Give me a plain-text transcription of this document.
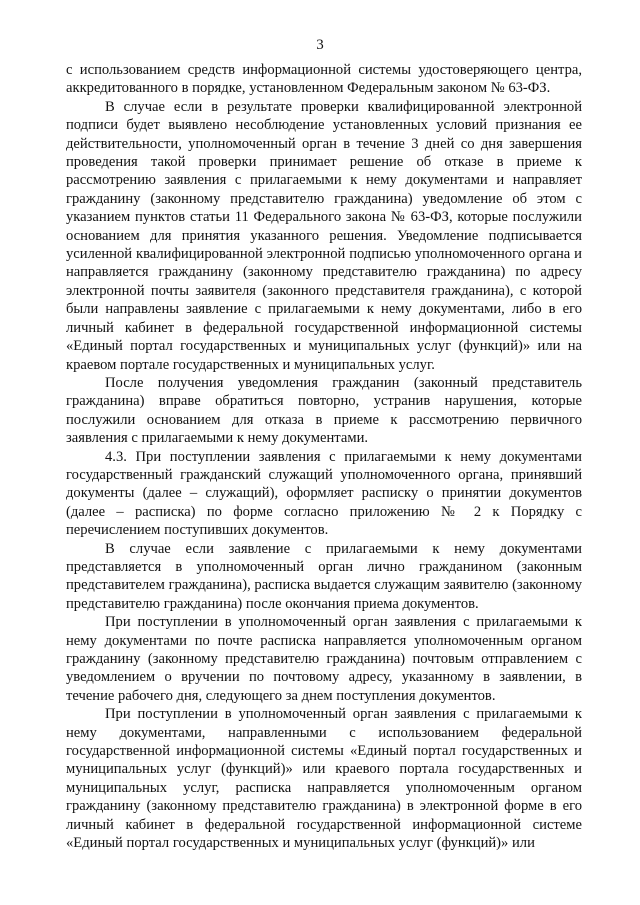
3

с использованием средств информационной системы удостоверяющего центра, аккредитованного в порядке, установленном Федеральным законом № 63-ФЗ.

В случае если в результате проверки квалифицированной электронной подписи будет выявлено несоблюдение установленных условий признания ее действительности, уполномоченный орган в течение 3 дней со дня завершения проведения такой проверки принимает решение об отказе в приеме к рассмотрению заявления с прилагаемыми к нему документами и направляет гражданину (законному представителю гражданина) уведомление об этом с указанием пунктов статьи 11 Федерального закона № 63-ФЗ, которые послужили основанием для принятия указанного решения. Уведомление подписывается усиленной квалифицированной электронной подписью уполномоченного органа и направляется гражданину (законному представителю гражданина) по адресу электронной почты заявителя (законного представителя гражданина), с которой были направлены заявление с прилагаемыми к нему документами, либо в его личный кабинет в федеральной государственной информационной системы «Единый портал государственных и муниципальных услуг (функций)» или на краевом портале государственных и муниципальных услуг.

После получения уведомления гражданин (законный представитель гражданина) вправе обратиться повторно, устранив нарушения, которые послужили основанием для отказа в приеме к рассмотрению первичного заявления с прилагаемыми к нему документами.

4.3. При поступлении заявления с прилагаемыми к нему документами государственный гражданский служащий уполномоченного органа, принявший документы (далее – служащий), оформляет расписку о принятии документов (далее – расписка) по форме согласно приложению № 2 к Порядку с перечислением поступивших документов.

В случае если заявление с прилагаемыми к нему документами представляется в уполномоченный орган лично гражданином (законным представителем гражданина), расписка выдается служащим заявителю (законному представителю гражданина) после окончания приема документов.

При поступлении в уполномоченный орган заявления с прилагаемыми к нему документами по почте расписка направляется уполномоченным органом гражданину (законному представителю гражданина) почтовым отправлением с уведомлением о вручении по почтовому адресу, указанному в заявлении, в течение рабочего дня, следующего за днем поступления документов.

При поступлении в уполномоченный орган заявления с прилагаемыми к нему документами, направленными с использованием федеральной государственной информационной системы «Единый портал государственных и муниципальных услуг (функций)» или краевого портала государственных и муниципальных услуг, расписка направляется уполномоченным органом гражданину (законному представителю гражданина) в электронной форме в его личный кабинет в федеральной государственной информационной системе «Единый портал государственных и муниципальных услуг (функций)» или
